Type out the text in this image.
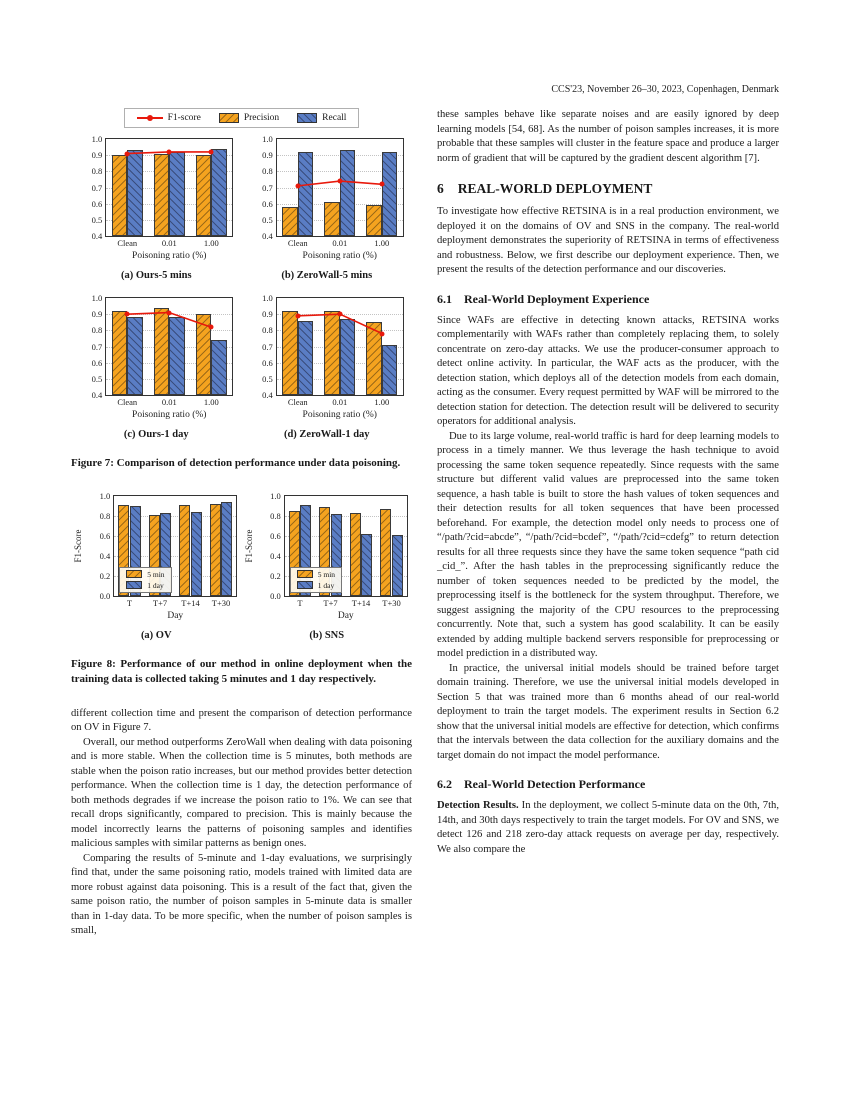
CCS'23, November 26–30, 2023, Copenhagen, Denmark
F1-score	Precision	Recall
0.4
0.5
0.6
0.7
0.8
0.9
1.0
Clean	0.01	1.00
Poisoning ratio (%)
(a) Ours-5 mins
0.4
0.5
0.6
0.7
0.8
0.9
1.0
Clean	0.01	1.00
Poisoning ratio (%)
(b) ZeroWall-5 mins
0.4
0.5
0.6
0.7
0.8
0.9
1.0
Clean	0.01	1.00
Poisoning ratio (%)
(c) Ours-1 day
0.4
0.5
0.6
0.7
0.8
0.9
1.0
Clean	0.01	1.00
Poisoning ratio (%)
(d) ZeroWall-1 day
Figure 7: Comparison of detection performance under data poisoning.
0.0
0.2
0.4
0.6
0.8
1.0
T T+7 T+14 T+30
5 min
1 day
F1-Score
Day
(a) OV
0.0
0.2
0.4
0.6
0.8
1.0
T T+7 T+14 T+30
5 min
1 day
F1-Score
Day
(b) SNS
Figure 8: Performance of our method in online deployment when the training data is collected taking 5 minutes and 1 day respectively.

different collection time and present the comparison of detection performance on OV in Figure 7.

Overall, our method outperforms ZeroWall when dealing with data poisoning and is more stable. When the collection time is 5 minutes, both methods are stable when the poison ratio increases, but our method provides better detection performance. When the collection time is 1 day, the detection performance of both methods degrades if we increase the poison ratio to 1%. We can see that recall drops significantly, compared to precision. This is mainly because the model incorrectly learns the patterns of poisoning samples and identifies malicious samples with similar patterns as benign ones.

Comparing the results of 5-minute and 1-day evaluations, we surprisingly find that, under the same poisoning ratio, models trained with limited data are more robust against data poisoning. This is a result of the fact that, given the same poison ratio, the number of poison samples in 5-minute data is smaller than in 1-day data. To be more specific, when the number of poison samples is small,

these samples behave like separate noises and are easily ignored by deep learning models [54, 68]. As the number of poison samples increases, it is more probable that these samples will cluster in the feature space and produce a larger norm of gradient that will be captured by the gradient descent algorithm [7].

6 REAL-WORLD DEPLOYMENT

To investigate how effective RETSINA is in a real production environment, we deployed it on the domains of OV and SNS in the company. The real-world deployment demonstrates the superiority of RETSINA in terms of effectiveness and robustness. Below, we first describe our deployment experience. Then, we present the results of the detection performance and our discoveries.

6.1 Real-World Deployment Experience

Since WAFs are effective in detecting known attacks, RETSINA works complementarily with WAFs rather than completely replacing them, to solely concentrate on zero-day attacks. We use the producer-consumer approach to detect online activity. In particular, the WAF acts as the producer, with the detection station, which deploys all of the detection models from each domain, acting as the consumer. Every request permitted by WAF will be mirrored to the detection station for detection. The detection result will be delivered to security operators for additional analysis.

Due to its large volume, real-world traffic is hard for deep learning models to process in a timely manner. We thus leverage the hash technique to avoid processing the same token sequence repeatedly. Since requests with the same structure but different valid values are preprocessed into the same token sequence, a hash table is built to store the hash values of token sequences and their detection results for all token sequences that have been processed beforehand. For example, the detection model only needs to process one of “/path/?cid=abcde”, “/path/?cid=bcdef”, “/path/?cid=cdefg” to return detection results for all three requests since they have the same token sequence “path cid _cid_”. After the hash tables in the preprocessing significantly reduce the number of token sequences needed to be predicted by the model, the preprocessing itself is the bottleneck for the system throughput. Therefore, we suggest assigning the majority of the CPU resources to the preprocessing concurrently. Note that, such a system has good scalability. It can be easily extended by adding multiple backend servers responsible for preprocessing or model prediction in a distributed way.

In practice, the universal initial models should be trained before target domain training. Therefore, we use the universal initial models developed in Section 5 that was trained more than 6 months ahead of our real-world deployment to train the target models. The experiment results in Section 6.2 show that the universal initial models are effective for detection, which confirms that the intervals between the data collection for the auxiliary domains and the target domain do not impact the model performance.

6.2 Real-World Detection Performance

Detection Results. In the deployment, we collect 5-minute data on the 0th, 7th, 14th, and 30th days respectively to train the target models. For OV and SNS, we detect 126 and 218 zero-day attack requests on average per day, respectively. We also compare the
